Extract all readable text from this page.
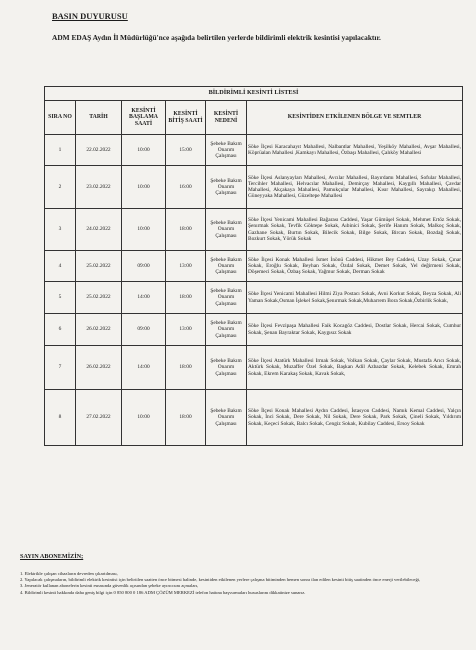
BASIN DUYURUSU
ADM EDAŞ Aydın İl Müdürlüğü'nce aşağıda belirtilen yerlerde bildirimli elektrik kesintisi yapılacaktır.
BİLDİRİMLİ KESİNTİ LİSTESİ					
SIRA NO	TARİH	KESİNTİ BAŞLAMA SAATİ	KESİNTİ BİTİŞ SAATİ	KESİNTİ NEDENİ	KESİNTİDEN ETKİLENEN BÖLGE VE SEMTLER
1	22.02.2022	10:00	15:00	Şebeke Bakım Onarım Çalışması	Söke İlçesi Karacahayıt Mahallesi, Nalbantlar Mahallesi, Yeşilköy Mahallesi, Avşar Mahallesi, Köprüalan Mahallesi ,Kamkayı Mahallesi, Özbaşı Mahallesi, Çalıköy Mahallesi
2	23.02.2022	10:00	16:00	Şebeke Bakım Onarım Çalışması	Söke İlçesi Aslanyayları Mahallesi, Avcılar Mahallesi, Bayırdamı Mahallesi, Sofular Mahallesi, Tercihler Mahallesi, Helvacılar Mahallesi, Demirçay Mahallesi, Kaygıllı Mahallesi, Çavdar Mahallesi, Akçakaya Mahallesi, Pamukçular Mahallesi, Kısır Mahallesi, Sayrakçı Mahallesi, Güneyyaka Mahallesi, Güzeltepe Mahallesi
3	24.02.2022	10:00	18:00	Şebeke Bakım Onarım Çalışması	Söke İlçesi Yenicami Mahallesi Bağarası Caddesi, Yaşar Gümüşel Sokak, Mehmet Ertöz Sokak, Şenırmak Sokak, Tevfik Göktepe Sokak, Aıbinici Sokak, Şerife Hanım Sokak, Malkoç Sokak, Gazhane Sokak, Burtın Sokak, Bilecik Sokak, Bilge Sokak, Bircan Sokak, Bozdağ Sokak, Bozkurt Sokak, Yörük Sokak
4	25.02.2022	09:00	13:00	Şebeke Bakım Onarım Çalışması	Söke İlçesi Konak Mahallesi İsmet İnönü Caddesi, Hikmet Bey Caddesi, Uzay Sokak, Çınar Sokak, Eroğlu Sokak, Beyhan Sokak, Özdal Sokak, Demet Sokak, Yel değirmeni Sokak, Döşemeci Sokak, Özbaş Sokak, Yağmur Sokak, Derman Sokak
5	25.02.2022	14:00	18:00	Şebeke Bakım Onarım Çalışması	Söke İlçesi Yenicami Mahallesi Hilmi Ziya Postacı Sokak, Avni Korkut Sokak, Beyza Sokak, Ali Yaman Sokak,Osman İşlekel Sokak,Şenırmak Sokak,Muharrem Bora Sokak,Özbirlik Sokak,
6	26.02.2022	09:00	13:00	Şebeke Bakım Onarım Çalışması	Söke İlçesi Fevzipaşa Mahallesi Faik Kocagöz Caddesi, Dostlar Sokak, Hercai Sokak, Cumhur Sokak, Şenan Bayraktar Sokak, Kaygısız Sokak
7	26.02.2022	14:00	18:00	Şebeke Bakım Onarım Çalışması	Söke İlçesi Atatürk Mahallesi Irmak Sokak, Volkan Sokak, Çaylar Sokak, Mustafa Arıcı Sokak, Aktürk Sokak, Muzaffer Özel Sokak, Başkan Adil Azbazdar Sokak, Kelebek Sokak, Emrah Sokak, Ekrem Karakaş Sokak, Kavak Sokak,
8	27.02.2022	10:00	18:00	Şebeke Bakım Onarım Çalışması	Söke İlçesi Konak Mahallesi Aydın Caddesi, İstasyon Caddesi, Namık Kemal Caddesi, Yalçın Sokak, İnci Sokak, Dere Sokak, Nil Sokak, Dere Sokak, Park Sokak, Çineli Sokak, Yıldırım Sokak, Keçeci Sokak, Balcı Sokak, Cengiz Sokak, Kubilay Caddesi, Ersoy Sokak
SAYIN ABONEMİZİN;
1. Elektrikle çalışan cihazların devreden çıkartılması,
2. Yapılacak çalışmaların, bildirimli elektrik kesintisi için belirtilen saatten önce bitmesi halinde, kesintiden etkilenen yerlere çalışma bitiminden hemen sonra ilan edilen kesinti bitiş saatinden önce enerji verilebileceği,
3. Jeneratör kullanan abonelerin kesinti esnasında güvenlik açısından şebeke ayırıcısını açmaları,
4. Bildirimli kesinti hakkında daha geniş bilgi için 0 850 800 0 186 ADM ÇÖZÜM MERKEZİ telefon hattına başvurmaları hususlarını dikkatinize sunarız.
